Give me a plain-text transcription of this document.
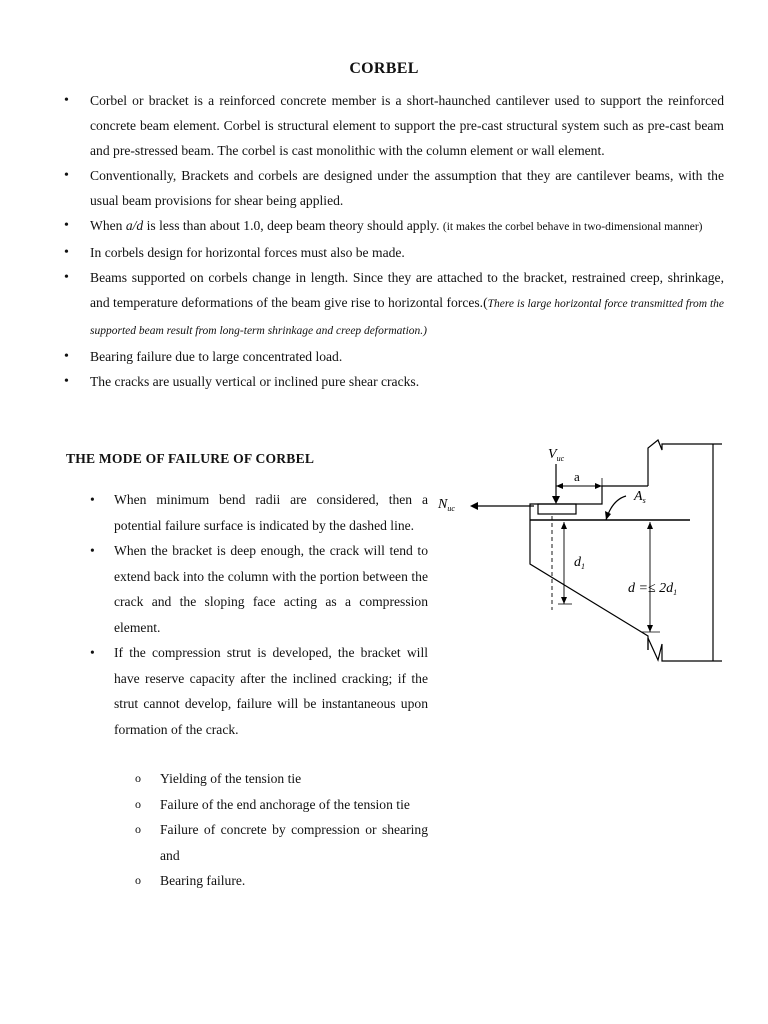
CORBEL
• Corbel or bracket is a reinforced concrete member is a short-haunched cantilever used to support the reinforced concrete beam element. Corbel is structural element to support the pre-cast structural system such as pre-cast beam and pre-stressed beam. The corbel is cast monolithic with the column element or wall element.
• Conventionally, Brackets and corbels are designed under the assumption that they are cantilever beams, with the usual beam provisions for shear being applied.
• When a/d is less than about 1.0, deep beam theory should apply. (it makes the corbel behave in two-dimensional manner)
• In corbels design for horizontal forces must also be made.
• Beams supported on corbels change in length. Since they are attached to the bracket, restrained creep, shrinkage, and temperature deformations of the beam give rise to horizontal forces.(There is large horizontal force transmitted from the supported beam result from long-term shrinkage and creep deformation.)
• Bearing failure due to large concentrated load.
• The cracks are usually vertical or inclined pure shear cracks.
THE MODE OF FAILURE OF CORBEL
• When minimum bend radii are considered, then a potential failure surface is indicated by the dashed line.
• When the bracket is deep enough, the crack will tend to extend back into the column with the portion between the crack and the sloping face acting as a compression element.
• If the compression strut is developed, the bracket will have reserve capacity after the inclined cracking; if the strut cannot develop, failure will be instantaneous upon formation of the crack.
o Yielding of the tension tie
o Failure of the end anchorage of the tension tie
o Failure of concrete by compression or shearing and
o Bearing failure.
$V_{uc}$
$N_{uc}$
$A_s$
$d_1$
$d =\le 2d_1$
a
